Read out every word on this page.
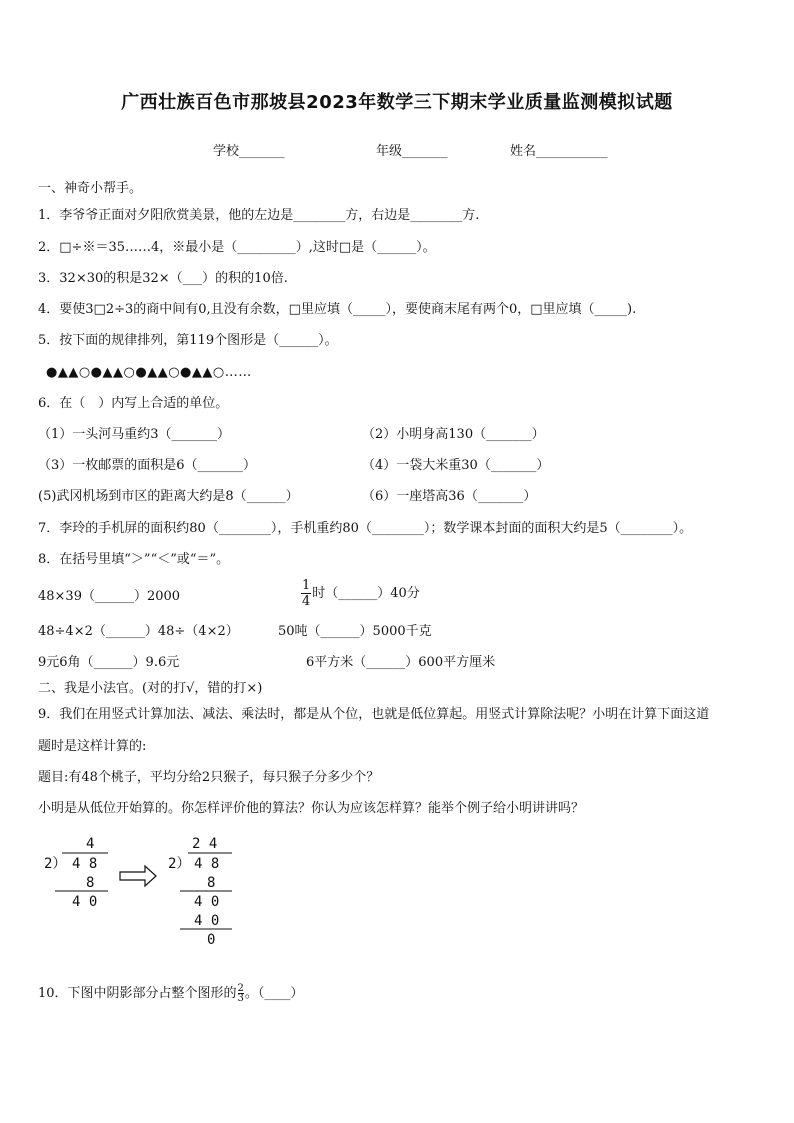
广西壮族百色市那坡县2023年数学三下期末学业质量监测模拟试题
学校_______	年级_______	姓名___________
一、神奇小帮手。
1．李爷爷正面对夕阳欣赏美景，他的左边是________方，右边是________方.
2．□÷※＝35……4，※最小是（_________）,这时□是（______）。
3．32×30的积是32×（___）的积的10倍.
4．要使3□2÷3的商中间有0,且没有余数，□里应填（_____），要使商末尾有两个0，□里应填（_____).
5．按下面的规律排列，第119个图形是（______）。
●▲▲○●▲▲○●▲▲○●▲▲○……
6．在（　）内写上合适的单位。
（1）一头河马重约3（_______）	（2）小明身高130（_______）
（3）一枚邮票的面积是6（_______）	（4）一袋大米重30（_______）
(5)武冈机场到市区的距离大约是8（______）	（6）一座塔高36（_______）
7．李玲的手机屏的面积约80（________），手机重约80（________）；数学课本封面的面积大约是5（________）。
8．在括号里填“＞”“＜”或“＝”。
48×39（______）2000	$\frac{1}{4}$ 时（______）40分
48÷4×2（______）48÷（4×2）	50吨（______）5000千克
9元6角（______）9.6元	6平方米（______）600平方厘米
二、我是小法官。(对的打√，错的打×)
9．我们在用竖式计算加法、减法、乘法时，都是从个位，也就是低位算起。用竖式计算除法呢？小明在计算下面这道
题时是这样计算的:
题目:有48个桃子，平均分给2只猴子，每只猴子分多少个？
小明是从低位开始算的。你怎样评价他的算法？你认为应该怎样算？能举个例子给小明讲讲吗？
4
2） 4 8
8
4 0
2 4
2） 4 8
8
4 0
4 0
0
10．下图中阴影部分占整个图形的 $\frac{2}{3}$ 。（____）
